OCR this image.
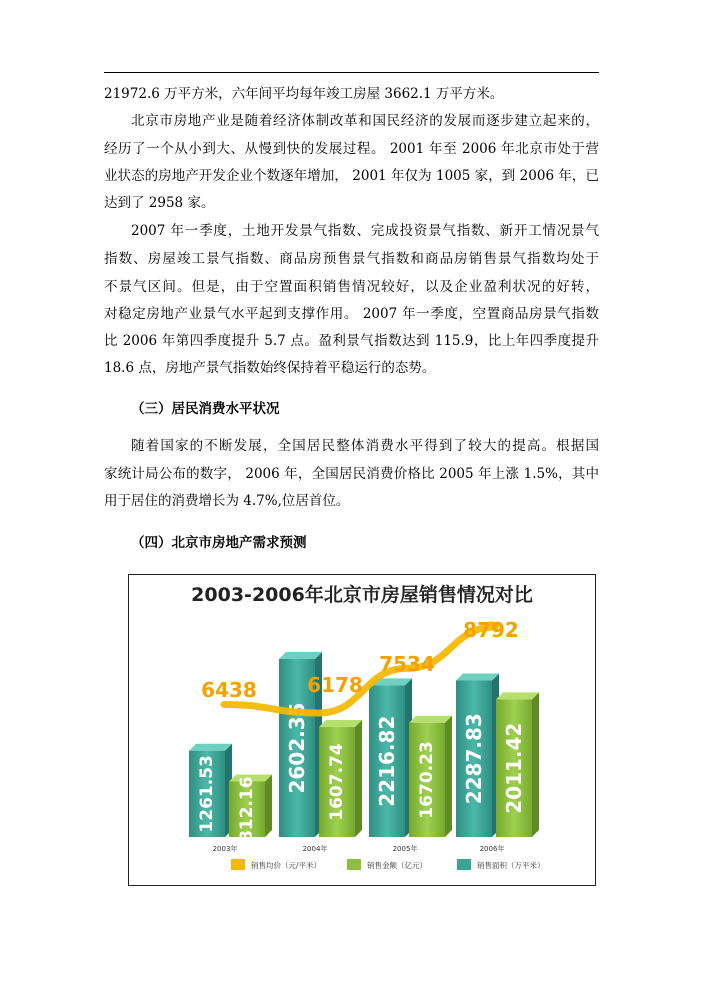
21972.6 万平方米，六年间平均每年竣工房屋 3662.1 万平方米。
北京市房地产业是随着经济体制改革和国民经济的发展而逐步建立起来的，
经历了一个从小到大、从慢到快的发展过程。 2001 年至 2006 年北京市处于营
业状态的房地产开发企业个数逐年增加， 2001 年仅为 1005 家，到 2006 年，已
达到了 2958 家。
2007 年一季度，土地开发景气指数、完成投资景气指数、新开工情况景气
指数、房屋竣工景气指数、商品房预售景气指数和商品房销售景气指数均处于
不景气区间。但是，由于空置面积销售情况较好，以及企业盈利状况的好转，
对稳定房地产业景气水平起到支撑作用。 2007 年一季度，空置商品房景气指数
比 2006 年第四季度提升 5.7 点。盈利景气指数达到 115.9，比上年四季度提升
18.6 点，房地产景气指数始终保持着平稳运行的态势。
（三）居民消费水平状况
随着国家的不断发展，全国居民整体消费水平得到了较大的提高。根据国
家统计局公布的数字， 2006 年，全国居民消费价格比 2005 年上涨 1.5%，其中
用于居住的消费增长为 4.7%,位居首位。
（四）北京市房地产需求预测
2003-2006年北京市房屋销售情况对比
1261.53
2602.35	2216.82	2287.83
812.16	1607.74	1670.23	2011.42
6438	6178
7534
8792
2003年	2004年	2005年	2006年
销售均价（元/平米）	销售金额（亿元）	销售面积（万平米）
